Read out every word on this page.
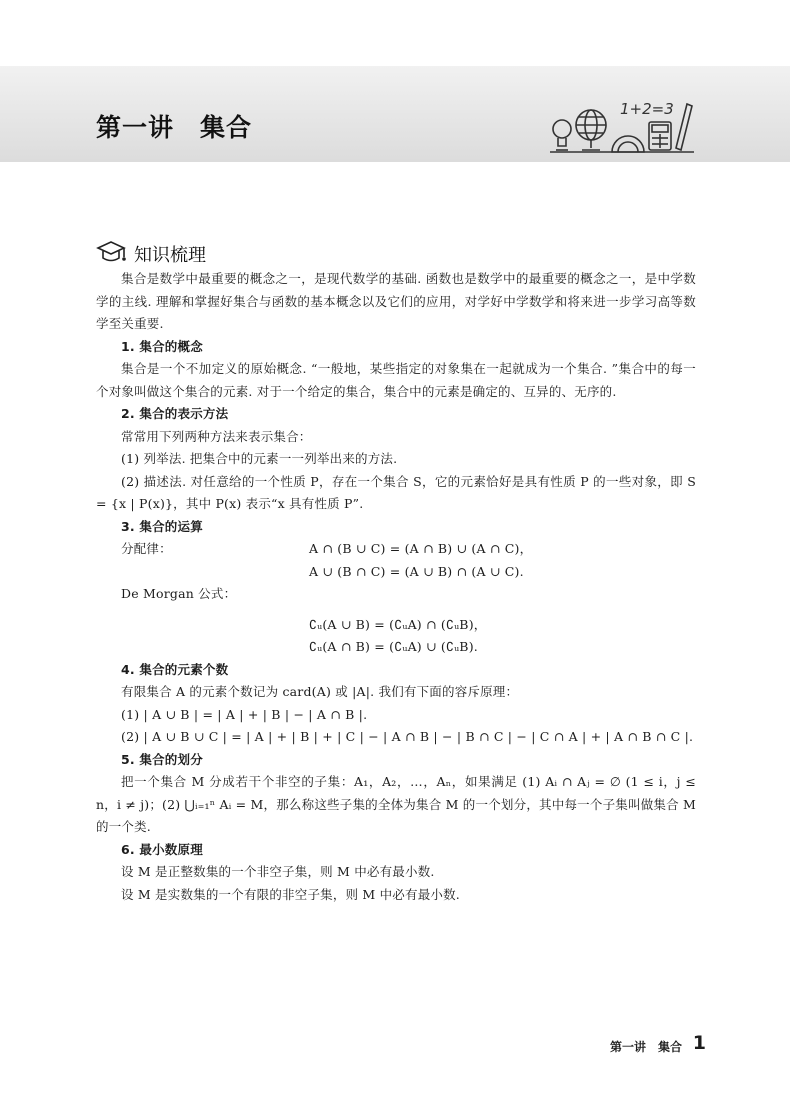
第一讲　集合
1+2=3
知识梳理

集合是数学中最重要的概念之一，是现代数学的基础. 函数也是数学中的最重要的概念之一，是中学数学的主线. 理解和掌握好集合与函数的基本概念以及它们的应用，对学好中学数学和将来进一步学习高等数学至关重要.

1. 集合的概念

集合是一个不加定义的原始概念. “一般地，某些指定的对象集在一起就成为一个集合. ”集合中的每一个对象叫做这个集合的元素. 对于一个给定的集合，集合中的元素是确定的、互异的、无序的.

2. 集合的表示方法

常常用下列两种方法来表示集合：

(1) 列举法. 把集合中的元素一一列举出来的方法.

(2) 描述法. 对任意给的一个性质 P，存在一个集合 S，它的元素恰好是具有性质 P 的一些对象，即 S = {x | P(x)}，其中 P(x) 表示“x 具有性质 P”.

3. 集合的运算
分配律：	A ∩ (B ∪ C) = (A ∩ B) ∪ (A ∩ C)，
A ∪ (B ∩ C) = (A ∪ B) ∩ (A ∪ C).
De Morgan 公式：
∁ᵤ(A ∪ B) = (∁ᵤA) ∩ (∁ᵤB)，
∁ᵤ(A ∩ B) = (∁ᵤA) ∪ (∁ᵤB).
4. 集合的元素个数

有限集合 A 的元素个数记为 card(A) 或 |A|. 我们有下面的容斥原理：

(1) | A ∪ B | = | A | + | B | − | A ∩ B |.

(2) | A ∪ B ∪ C | = | A | + | B | + | C | − | A ∩ B | − | B ∩ C | − | C ∩ A | + | A ∩ B ∩ C |.

5. 集合的划分

把一个集合 M 分成若干个非空的子集：A₁，A₂，…，Aₙ，如果满足 (1) Aᵢ ∩ Aⱼ = ∅ (1 ≤ i，j ≤ n，i ≠ j)；(2) ⋃ᵢ₌₁ⁿ Aᵢ = M，那么称这些子集的全体为集合 M 的一个划分，其中每一个子集叫做集合 M 的一个类.

6. 最小数原理

设 M 是正整数集的一个非空子集，则 M 中必有最小数.

设 M 是实数集的一个有限的非空子集，则 M 中必有最小数.

第一讲　集合 1
